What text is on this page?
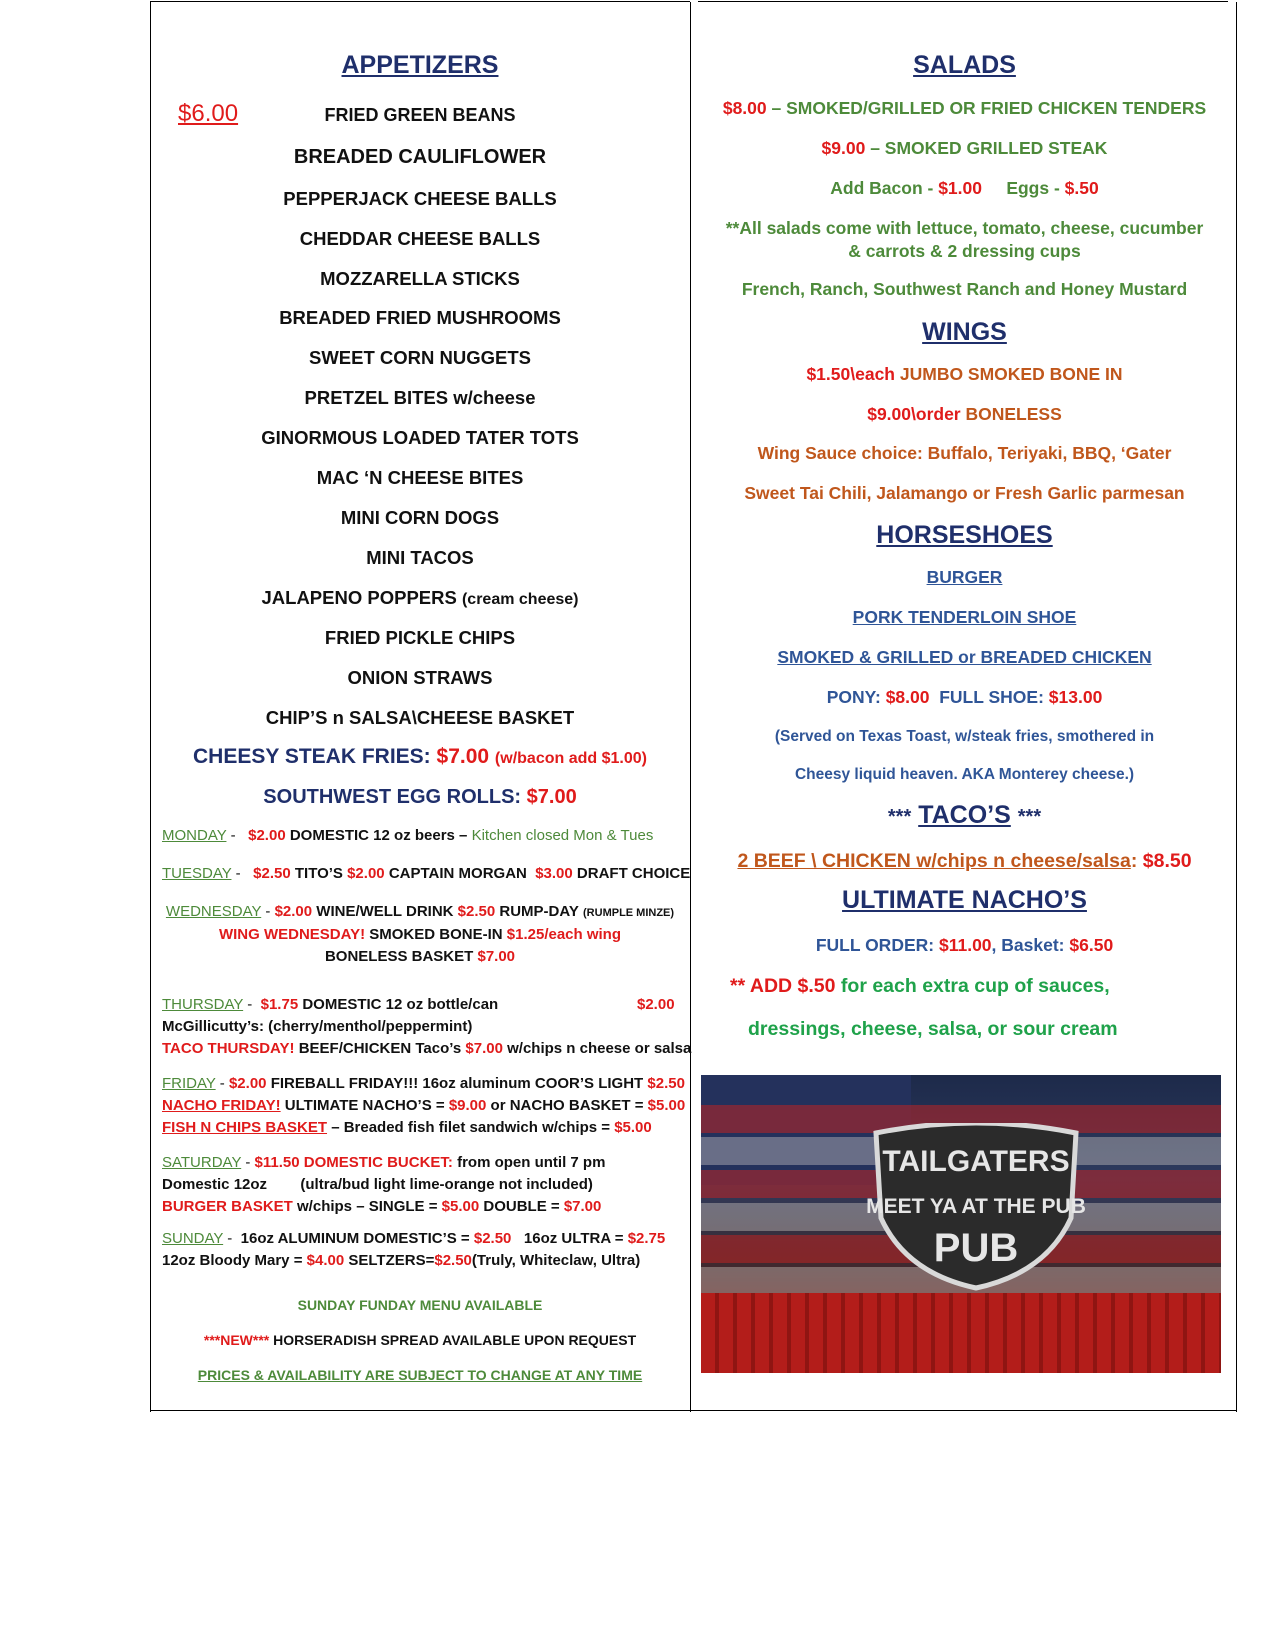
APPETIZERS
$6.00	FRIED GREEN BEANS
BREADED CAULIFLOWER
PEPPERJACK CHEESE BALLS
CHEDDAR CHEESE BALLS
MOZZARELLA STICKS
BREADED FRIED MUSHROOMS
SWEET CORN NUGGETS
PRETZEL BITES w/cheese
GINORMOUS LOADED TATER TOTS
MAC ‘N CHEESE BITES
MINI CORN DOGS
MINI TACOS
JALAPENO POPPERS (cream cheese)
FRIED PICKLE CHIPS
ONION STRAWS
CHIP’S n SALSA\CHEESE BASKET
CHEESY STEAK FRIES: $7.00 (w/bacon add $1.00)
SOUTHWEST EGG ROLLS: $7.00
MONDAY -   $2.00 DOMESTIC 12 oz beers – Kitchen closed Mon & Tues
TUESDAY -   $2.50 TITO’S $2.00 CAPTAIN MORGAN $3.00 DRAFT CHOICE
WEDNESDAY - $2.00 WINE/WELL DRINK $2.50 RUMP-DAY (RUMPLE MINZE)
WING WEDNESDAY! SMOKED BONE-IN $1.25/each wing
BONELESS BASKET $7.00
THURSDAY -  $1.75 DOMESTIC 12 oz bottle/can	$2.00
McGillicutty’s: (cherry/menthol/peppermint)
TACO THURSDAY! BEEF/CHICKEN Taco’s $7.00 w/chips n cheese or salsa
FRIDAY - $2.00 FIREBALL FRIDAY!!! 16oz aluminum COOR’S LIGHT $2.50
NACHO FRIDAY! ULTIMATE NACHO’S = $9.00 or NACHO BASKET = $5.00
FISH N CHIPS BASKET – Breaded fish filet sandwich w/chips = $5.00
SATURDAY - $11.50 DOMESTIC BUCKET: from open until 7 pm
Domestic 12oz        (ultra/bud light lime-orange not included)
BURGER BASKET w/chips – SINGLE = $5.00 DOUBLE = $7.00
SUNDAY -  16oz ALUMINUM DOMESTIC’S = $2.50 16oz ULTRA = $2.75
12oz Bloody Mary = $4.00 SELTZERS=$2.50(Truly, Whiteclaw, Ultra)
SUNDAY FUNDAY MENU AVAILABLE
***NEW*** HORSERADISH SPREAD AVAILABLE UPON REQUEST
PRICES & AVAILABILITY ARE SUBJECT TO CHANGE AT ANY TIME
SALADS
$8.00 – SMOKED/GRILLED OR FRIED CHICKEN TENDERS
$9.00 – SMOKED GRILLED STEAK
Add Bacon - $1.00 Eggs - $.50
**All salads come with lettuce, tomato, cheese, cucumber
& carrots & 2 dressing cups
French, Ranch, Southwest Ranch and Honey Mustard
WINGS
$1.50\each JUMBO SMOKED BONE IN
$9.00\order BONELESS
Wing Sauce choice: Buffalo, Teriyaki, BBQ, ‘Gater
Sweet Tai Chili, Jalamango or Fresh Garlic parmesan
HORSESHOES
BURGER
PORK TENDERLOIN SHOE
SMOKED & GRILLED or BREADED CHICKEN
PONY: $8.00 FULL SHOE: $13.00
(Served on Texas Toast, w/steak fries, smothered in
Cheesy liquid heaven. AKA Monterey cheese.)
*** TACO’S ***
2 BEEF \ CHICKEN w/chips n cheese/salsa: $8.50
ULTIMATE NACHO’S
FULL ORDER: $11.00, Basket: $6.50
** ADD $.50 for each extra cup of sauces,
dressings, cheese, salsa, or sour cream
TAILGATERS
MEET YA AT THE PUB
PUB
